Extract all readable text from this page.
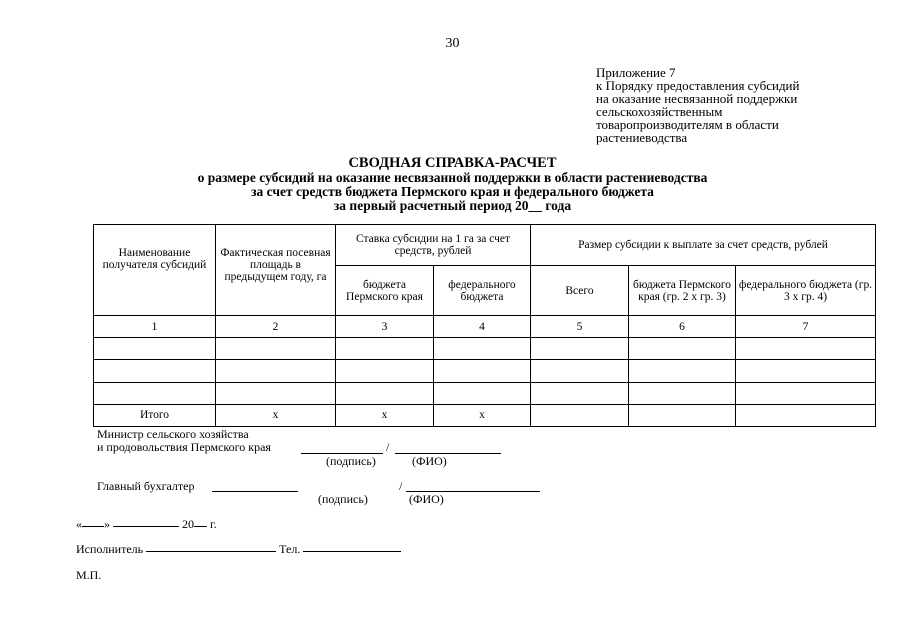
30
Приложение 7
к Порядку предоставления субсидий
на оказание несвязанной поддержки
сельскохозяйственным
товаропроизводителям в области
растениеводства
СВОДНАЯ СПРАВКА-РАСЧЕТ
о размере субсидий на оказание несвязанной поддержки в области растениеводства
за счет средств бюджета Пермского края и федерального бюджета
за первый расчетный период 20__ года
Наименование получателя субсидий	Фактическая посевная площадь в предыдущем году, га	Ставка субсидии на 1 га за счет средств, рублей		Размер субсидии к выплате за счет средств, рублей		
		бюджета Пермского края	федерального бюджета	Всего	бюджета Пермского края (гр. 2 х гр. 3)	федерального бюджета (гр. 3 х гр. 4)
1	2	3	4	5	6	7

Итого	x	x	x			
Министр сельского хозяйства
и продовольствия Пермского края	/
(подпись)	(ФИО)
Главный бухгалтер	/
(подпись)	(ФИО)
« »	20 г.
Исполнитель	Тел.
М.П.
